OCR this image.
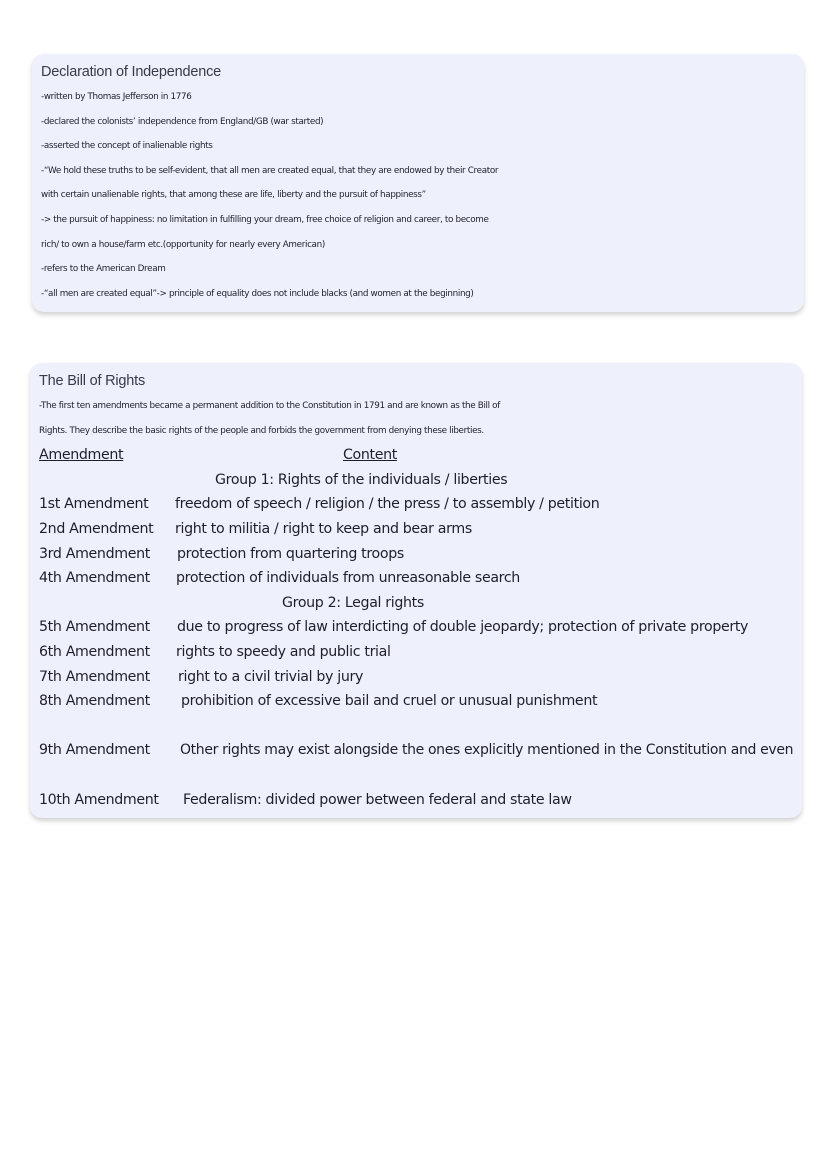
Declaration of Independence
-written by Thomas Jefferson in 1776
-declared the colonists’ independence from England/GB (war started)
-asserted the concept of inalienable rights
-“We hold these truths to be self-evident, that all men are created equal, that they are endowed by their Creator
with certain unalienable rights, that among these are life, liberty and the pursuit of happiness”
-> the pursuit of happiness: no limitation in fulfilling your dream, free choice of religion and career, to become
rich/ to own a house/farm etc.(opportunity for nearly every American)
-refers to the American Dream
-“all men are created equal”-> principle of equality does not include blacks (and women at the beginning)
The Bill of Rights
-The first ten amendments became a permanent addition to the Constitution in 1791 and are known as the Bill of
Rights. They describe the basic rights of the people and forbids the government from denying these liberties.
Amendment	Content
Group 1: Rights of the individuals / liberties
1st Amendment freedom of speech / religion / the press / to assembly / petition
2nd Amendment right to militia / right to keep and bear arms
3rd Amendment protection from quartering troops
4th Amendment protection of individuals from unreasonable search
Group 2: Legal rights
5th Amendment due to progress of law interdicting of double jeopardy; protection of private property
6th Amendment rights to speedy and public trial
7th Amendment right to a civil trivial by jury
8th Amendment prohibition of excessive bail and cruel or unusual punishment
9th Amendment Other rights may exist alongside the ones explicitly mentioned in the Constitution and even
10th Amendment Federalism: divided power between federal and state law
